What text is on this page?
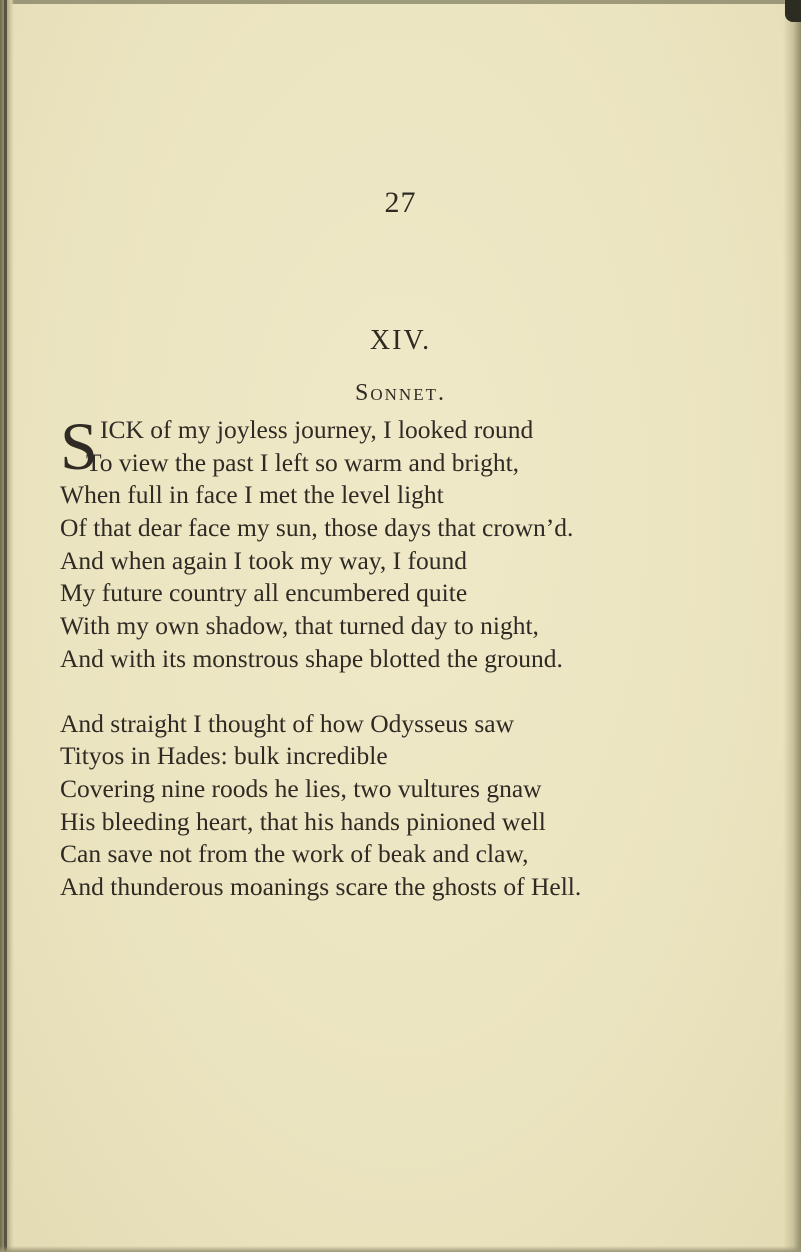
27
XIV.
Sonnet.
S ICK of my joyless journey, I looked round
To view the past I left so warm and bright,
When full in face I met the level light
Of that dear face my sun, those days that crown’d.
And when again I took my way, I found
My future country all encumbered quite
With my own shadow, that turned day to night,
And with its monstrous shape blotted the ground.
And straight I thought of how Odysseus saw
Tityos in Hades: bulk incredible
Covering nine roods he lies, two vultures gnaw
His bleeding heart, that his hands pinioned well
Can save not from the work of beak and claw,
And thunderous moanings scare the ghosts of Hell.
